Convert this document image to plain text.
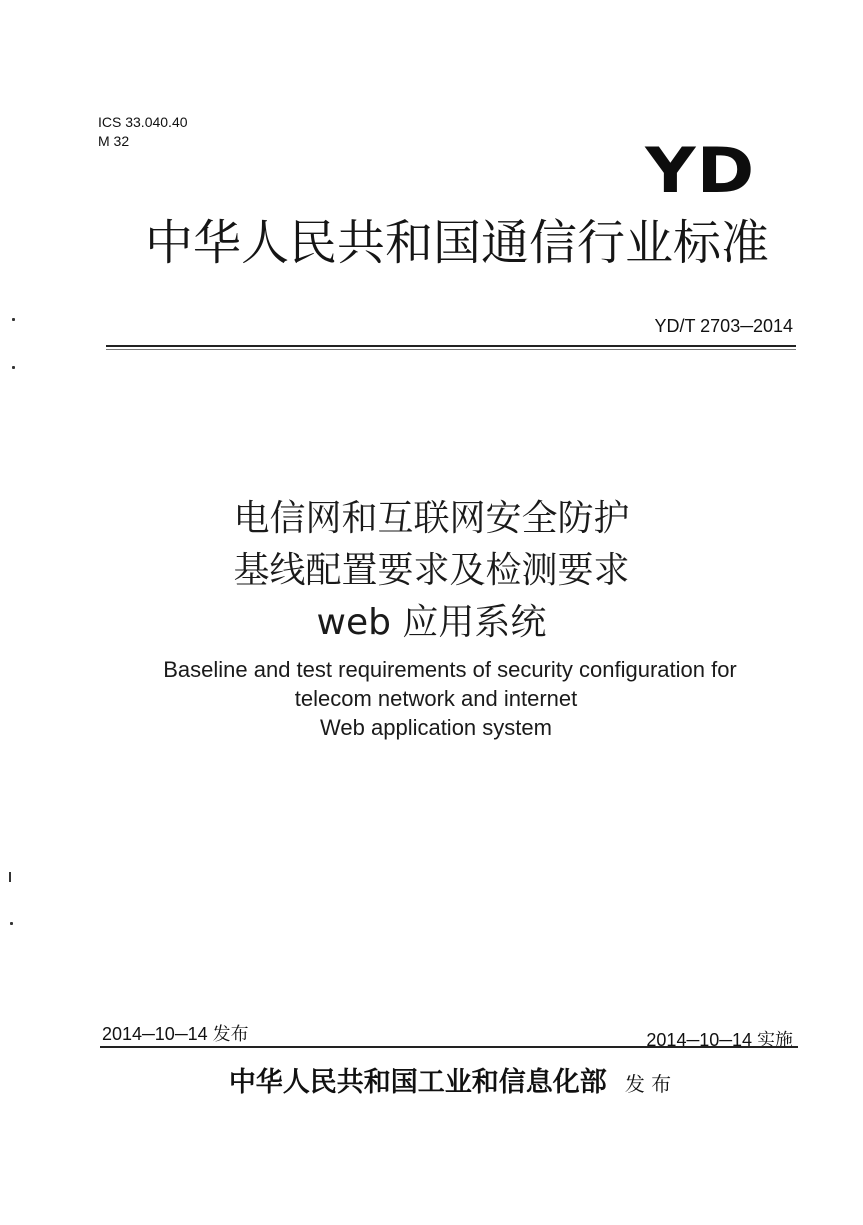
ICS 33.040.40
M 32	YD
中华人民共和国通信行业标准
YD/T 2703─2014
电信网和互联网安全防护
基线配置要求及检测要求
web 应用系统
Baseline and test requirements of security configuration for
telecom network and internet
Web application system
2014─10─14 发布	2014─10─14 实施
中华人民共和国工业和信息化部 发 布
